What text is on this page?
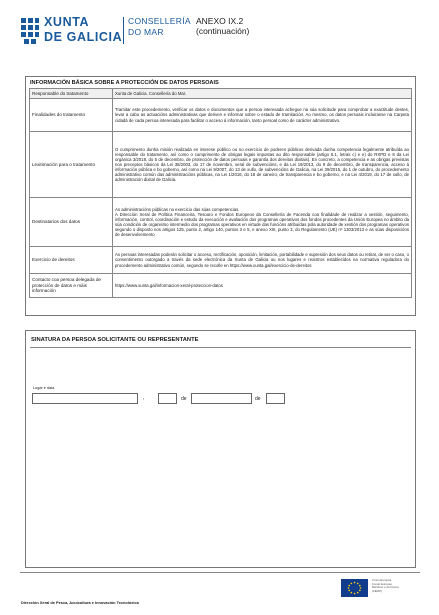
XUNTA
DE GALICIA
CONSELLERÍA
DO MAR
ANEXO IX.2
(continuación)
INFORMACIÓN BÁSICA SOBRE A PROTECCIÓN DE DATOS PERSOAIS
Responsable do tratamento	Xunta de Galicia. Consellería do Mar.
Finalidades do tratamento	Tramitar este procedemento, verificar os datos e documentos que a persoa interesada achegue na súa solicitude para comprobar a exactitude destes, levar a cabo as actuacións administrativas que deriven e informar sobre o estado de tramitación. Ao mesmo, os datos persoais incluiranse na Carpeta cidadá de cada persoa interesada para facilitar o acceso á información, tanto persoal como de carácter administrativo.
Lexitimación para o tratamento	O cumprimento dunha misión realizada en interese público ou no exercicio de poderes públicos derivada dunha competencia legalmente atribuída ao responsable do tratamento, así como o cumprimento de obrigas legais impostas ao dito responsable (artigo 6.1, letras c) e e) do RXPD e 8 da Lei orgánica 3/2018, do 5 de decembro, de protección de datos persoais e garantía dos dereitos dixitais). En concreto, a competencia e as obrigas previstas nos preceptos básicos da Lei 38/2003, do 17 de novembro, xeral de subvencións, e da Lei 19/2013, do 9 de decembro, de transparencia, acceso á información pública e bo goberno, así como na Lei 9/2007, do 13 de xullo, de subvencións de Galicia, na Lei 39/2015, do 1 de outubro, do procedemento administrativo común das administracións públicas, na Lei 1/2016, do 18 de xaneiro, de transparencia e bo goberno, e na Lei 4/2019, do 17 de xullo, de administración dixital de Galicia.
Destinatarios dos datos	As administracións públicas no exercicio das súas competencias.
A Dirección Xeral de Política Financeira, Tesouro e Fondos Europeos da Consellería de Facenda coa finalidade de realizar a xestión, seguimento, información, control, coordinación e estudo da execución e avaliación dos programas operativos dos fondos procedentes da Unión Europea no ámbito da súa condición de organismo intermedio dos programas operativos en virtude das funcións atribuídas pola autoridade de xestión dos programas operativos segundo o disposto nos artigos 125, punto 2, artigo 140, puntos 3 e 5, e anexo XIII, punto 3, do Regulamento (UE) nº 1303/2013 e as súas disposicións de desenvolvemento
Exercicio de dereitos	As persoas interesadas poderán solicitar o acceso, rectificación, oposición, limitación, portabilidade e supresión dos seus datos ou retirar, de ser o caso, o consentimento outorgado a través da sede electrónica da Xunta de Galicia ou nos lugares e rexistros establecidos na normativa reguladora do procedemento administrativo común, segundo se recolle en https://www.xunta.gal/exercicio-de-dereitos
Contacto coa persoa delegada de protección de datos e máis información	https://www.xunta.gal/informacion-xeral-proteccion-datos
SINATURA DA PERSOA SOLICITANTE OU REPRESENTANTE
Lugar e data
,	de	de
Unión Europea
Fondo Europeo
Marítimo e de Pesca
(FEMP)
Dirección Xeral de Pesca, Acuicultura e Innovación Tecnolóxica
